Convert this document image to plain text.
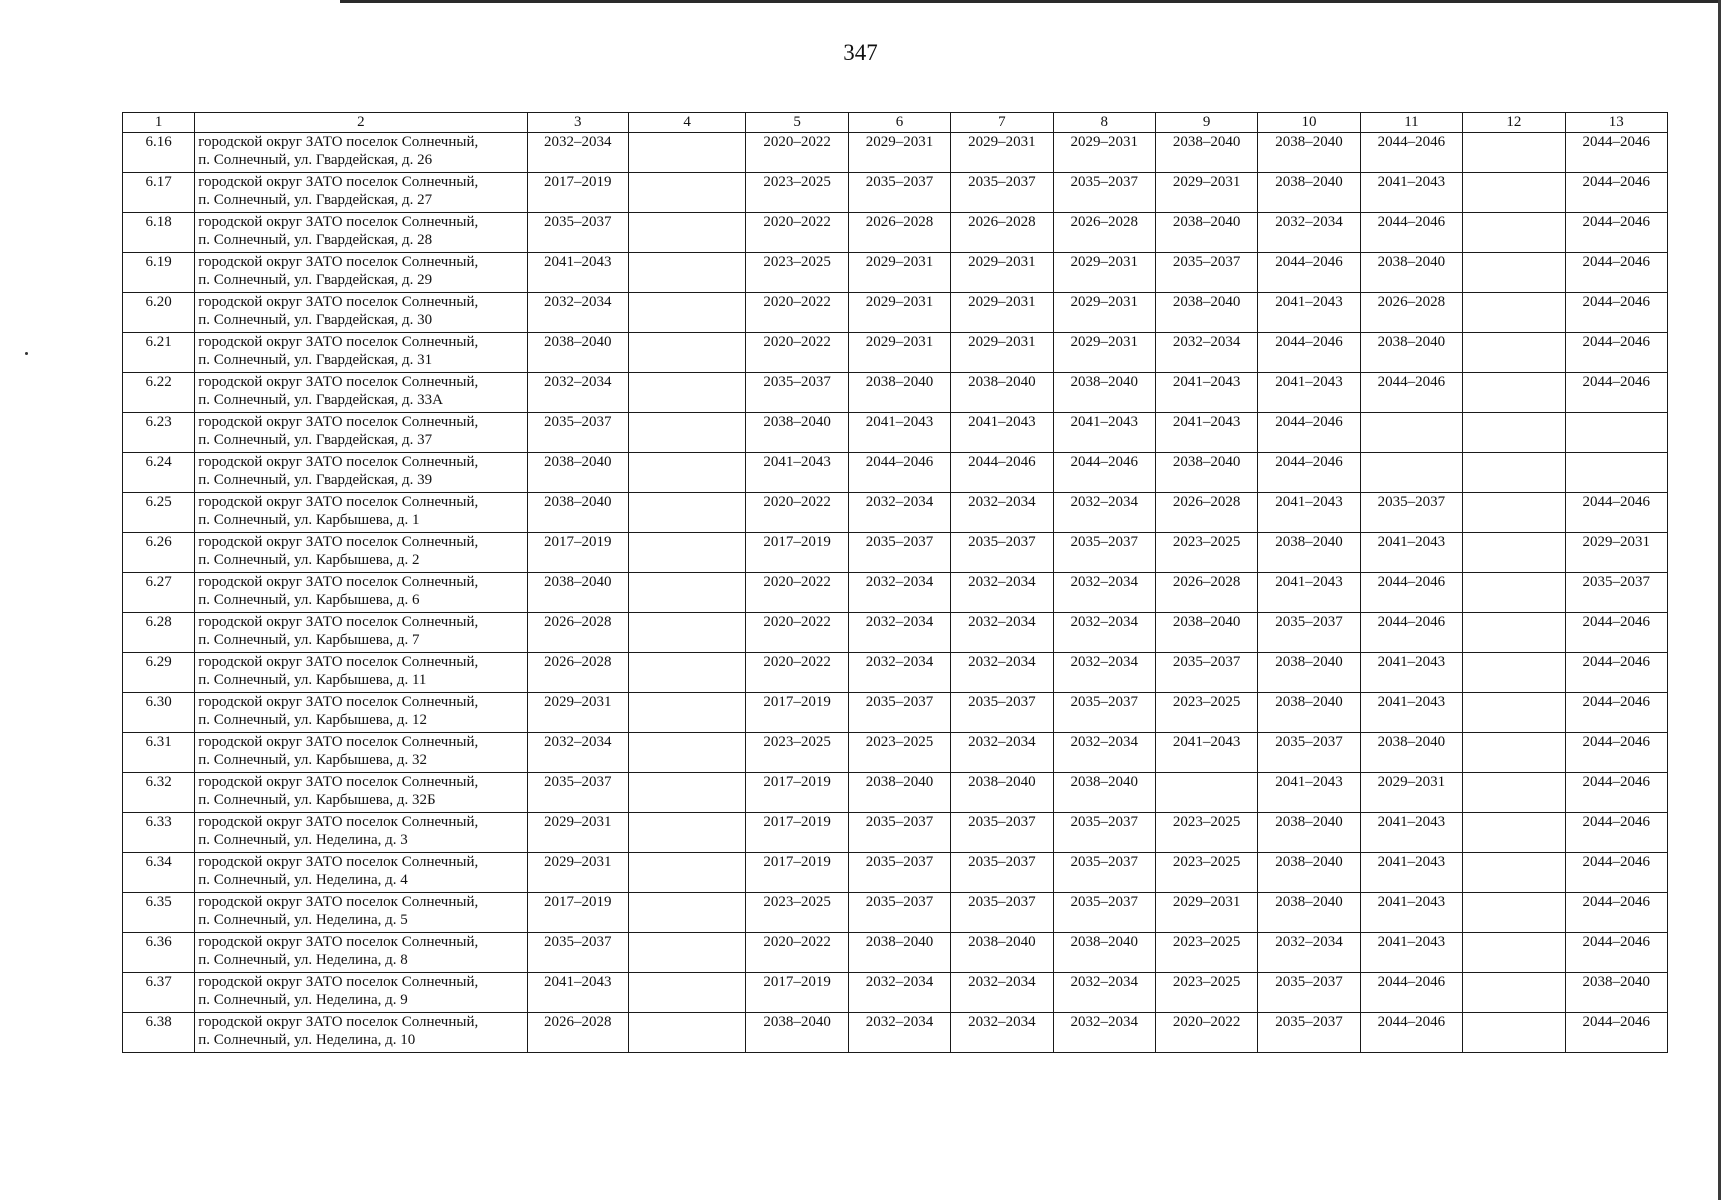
347
1	2	3	4	5	6	7	8	9	10	11	12	13
6.16	городской округ ЗАТО поселок Солнечный,
п. Солнечный, ул. Гвардейская, д. 26	2032–2034		2020–2022	2029–2031	2029–2031	2029–2031	2038–2040	2038–2040	2044–2046		2044–2046
6.17	городской округ ЗАТО поселок Солнечный,
п. Солнечный, ул. Гвардейская, д. 27	2017–2019		2023–2025	2035–2037	2035–2037	2035–2037	2029–2031	2038–2040	2041–2043		2044–2046
6.18	городской округ ЗАТО поселок Солнечный,
п. Солнечный, ул. Гвардейская, д. 28	2035–2037		2020–2022	2026–2028	2026–2028	2026–2028	2038–2040	2032–2034	2044–2046		2044–2046
6.19	городской округ ЗАТО поселок Солнечный,
п. Солнечный, ул. Гвардейская, д. 29	2041–2043		2023–2025	2029–2031	2029–2031	2029–2031	2035–2037	2044–2046	2038–2040		2044–2046
6.20	городской округ ЗАТО поселок Солнечный,
п. Солнечный, ул. Гвардейская, д. 30	2032–2034		2020–2022	2029–2031	2029–2031	2029–2031	2038–2040	2041–2043	2026–2028		2044–2046
6.21	городской округ ЗАТО поселок Солнечный,
п. Солнечный, ул. Гвардейская, д. 31	2038–2040		2020–2022	2029–2031	2029–2031	2029–2031	2032–2034	2044–2046	2038–2040		2044–2046
6.22	городской округ ЗАТО поселок Солнечный,
п. Солнечный, ул. Гвардейская, д. 33А	2032–2034		2035–2037	2038–2040	2038–2040	2038–2040	2041–2043	2041–2043	2044–2046		2044–2046
6.23	городской округ ЗАТО поселок Солнечный,
п. Солнечный, ул. Гвардейская, д. 37	2035–2037		2038–2040	2041–2043	2041–2043	2041–2043	2041–2043	2044–2046			
6.24	городской округ ЗАТО поселок Солнечный,
п. Солнечный, ул. Гвардейская, д. 39	2038–2040		2041–2043	2044–2046	2044–2046	2044–2046	2038–2040	2044–2046			
6.25	городской округ ЗАТО поселок Солнечный,
п. Солнечный, ул. Карбышева, д. 1	2038–2040		2020–2022	2032–2034	2032–2034	2032–2034	2026–2028	2041–2043	2035–2037		2044–2046
6.26	городской округ ЗАТО поселок Солнечный,
п. Солнечный, ул. Карбышева, д. 2	2017–2019		2017–2019	2035–2037	2035–2037	2035–2037	2023–2025	2038–2040	2041–2043		2029–2031
6.27	городской округ ЗАТО поселок Солнечный,
п. Солнечный, ул. Карбышева, д. 6	2038–2040		2020–2022	2032–2034	2032–2034	2032–2034	2026–2028	2041–2043	2044–2046		2035–2037
6.28	городской округ ЗАТО поселок Солнечный,
п. Солнечный, ул. Карбышева, д. 7	2026–2028		2020–2022	2032–2034	2032–2034	2032–2034	2038–2040	2035–2037	2044–2046		2044–2046
6.29	городской округ ЗАТО поселок Солнечный,
п. Солнечный, ул. Карбышева, д. 11	2026–2028		2020–2022	2032–2034	2032–2034	2032–2034	2035–2037	2038–2040	2041–2043		2044–2046
6.30	городской округ ЗАТО поселок Солнечный,
п. Солнечный, ул. Карбышева, д. 12	2029–2031		2017–2019	2035–2037	2035–2037	2035–2037	2023–2025	2038–2040	2041–2043		2044–2046
6.31	городской округ ЗАТО поселок Солнечный,
п. Солнечный, ул. Карбышева, д. 32	2032–2034		2023–2025	2023–2025	2032–2034	2032–2034	2041–2043	2035–2037	2038–2040		2044–2046
6.32	городской округ ЗАТО поселок Солнечный,
п. Солнечный, ул. Карбышева, д. 32Б	2035–2037		2017–2019	2038–2040	2038–2040	2038–2040		2041–2043	2029–2031		2044–2046
6.33	городской округ ЗАТО поселок Солнечный,
п. Солнечный, ул. Неделина, д. 3	2029–2031		2017–2019	2035–2037	2035–2037	2035–2037	2023–2025	2038–2040	2041–2043		2044–2046
6.34	городской округ ЗАТО поселок Солнечный,
п. Солнечный, ул. Неделина, д. 4	2029–2031		2017–2019	2035–2037	2035–2037	2035–2037	2023–2025	2038–2040	2041–2043		2044–2046
6.35	городской округ ЗАТО поселок Солнечный,
п. Солнечный, ул. Неделина, д. 5	2017–2019		2023–2025	2035–2037	2035–2037	2035–2037	2029–2031	2038–2040	2041–2043		2044–2046
6.36	городской округ ЗАТО поселок Солнечный,
п. Солнечный, ул. Неделина, д. 8	2035–2037		2020–2022	2038–2040	2038–2040	2038–2040	2023–2025	2032–2034	2041–2043		2044–2046
6.37	городской округ ЗАТО поселок Солнечный,
п. Солнечный, ул. Неделина, д. 9	2041–2043		2017–2019	2032–2034	2032–2034	2032–2034	2023–2025	2035–2037	2044–2046		2038–2040
6.38	городской округ ЗАТО поселок Солнечный,
п. Солнечный, ул. Неделина, д. 10	2026–2028		2038–2040	2032–2034	2032–2034	2032–2034	2020–2022	2035–2037	2044–2046		2044–2046
